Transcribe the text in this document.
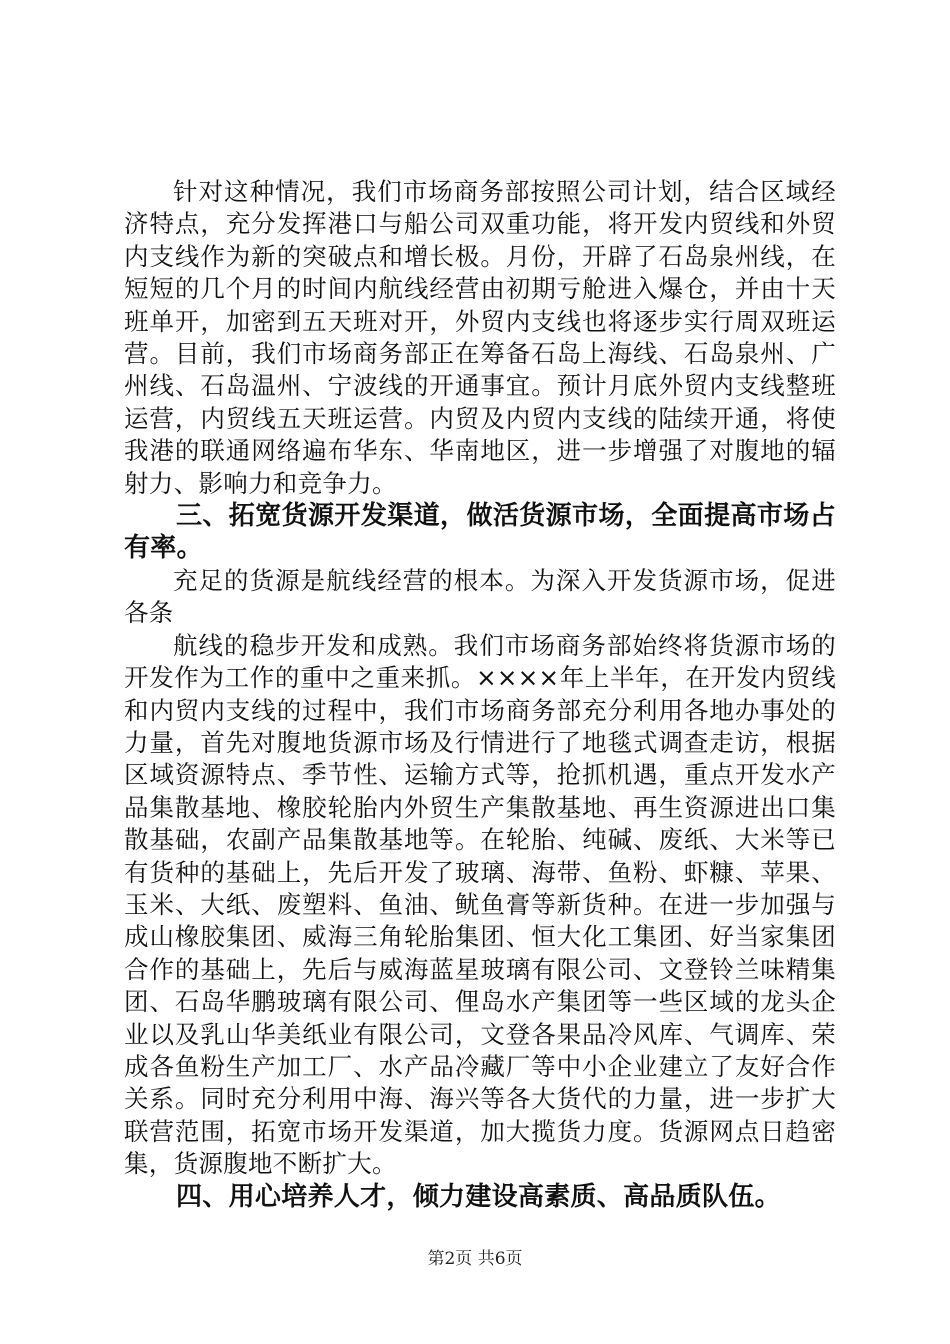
针对这种情况，我们市场商务部按照公司计划，结合区域经济特点，充分发挥港口与船公司双重功能，将开发内贸线和外贸内支线作为新的突破点和增长极。月份，开辟了石岛泉州线，在短短的几个月的时间内航线经营由初期亏舱进入爆仓，并由十天班单开，加密到五天班对开，外贸内支线也将逐步实行周双班运营。目前，我们市场商务部正在筹备石岛上海线、石岛泉州、广州线、石岛温州、宁波线的开通事宜。预计月底外贸内支线整班运营，内贸线五天班运营。内贸及内贸内支线的陆续开通，将使我港的联通网络遍布华东、华南地区，进一步增强了对腹地的辐射力、影响力和竞争力。

三、拓宽货源开发渠道，做活货源市场，全面提高市场占有率。

充足的货源是航线经营的根本。为深入开发货源市场，促进各条

航线的稳步开发和成熟。我们市场商务部始终将货源市场的开发作为工作的重中之重来抓。××××年上半年，在开发内贸线和内贸内支线的过程中，我们市场商务部充分利用各地办事处的力量，首先对腹地货源市场及行情进行了地毯式调查走访，根据区域资源特点、季节性、运输方式等，抢抓机遇，重点开发水产品集散基地、橡胶轮胎内外贸生产集散基地、再生资源进出口集散基础，农副产品集散基地等。在轮胎、纯碱、废纸、大米等已有货种的基础上，先后开发了玻璃、海带、鱼粉、虾糠、苹果、玉米、大纸、废塑料、鱼油、鱿鱼膏等新货种。在进一步加强与成山橡胶集团、威海三角轮胎集团、恒大化工集团、好当家集团合作的基础上，先后与威海蓝星玻璃有限公司、文登铃兰味精集团、石岛华鹏玻璃有限公司、俚岛水产集团等一些区域的龙头企业以及乳山华美纸业有限公司，文登各果品冷风库、气调库、荣成各鱼粉生产加工厂、水产品冷藏厂等中小企业建立了友好合作关系。同时充分利用中海、海兴等各大货代的力量，进一步扩大联营范围，拓宽市场开发渠道，加大揽货力度。货源网点日趋密集，货源腹地不断扩大。

四、用心培养人才，倾力建设高素质、高品质队伍。

第2页 共6页
